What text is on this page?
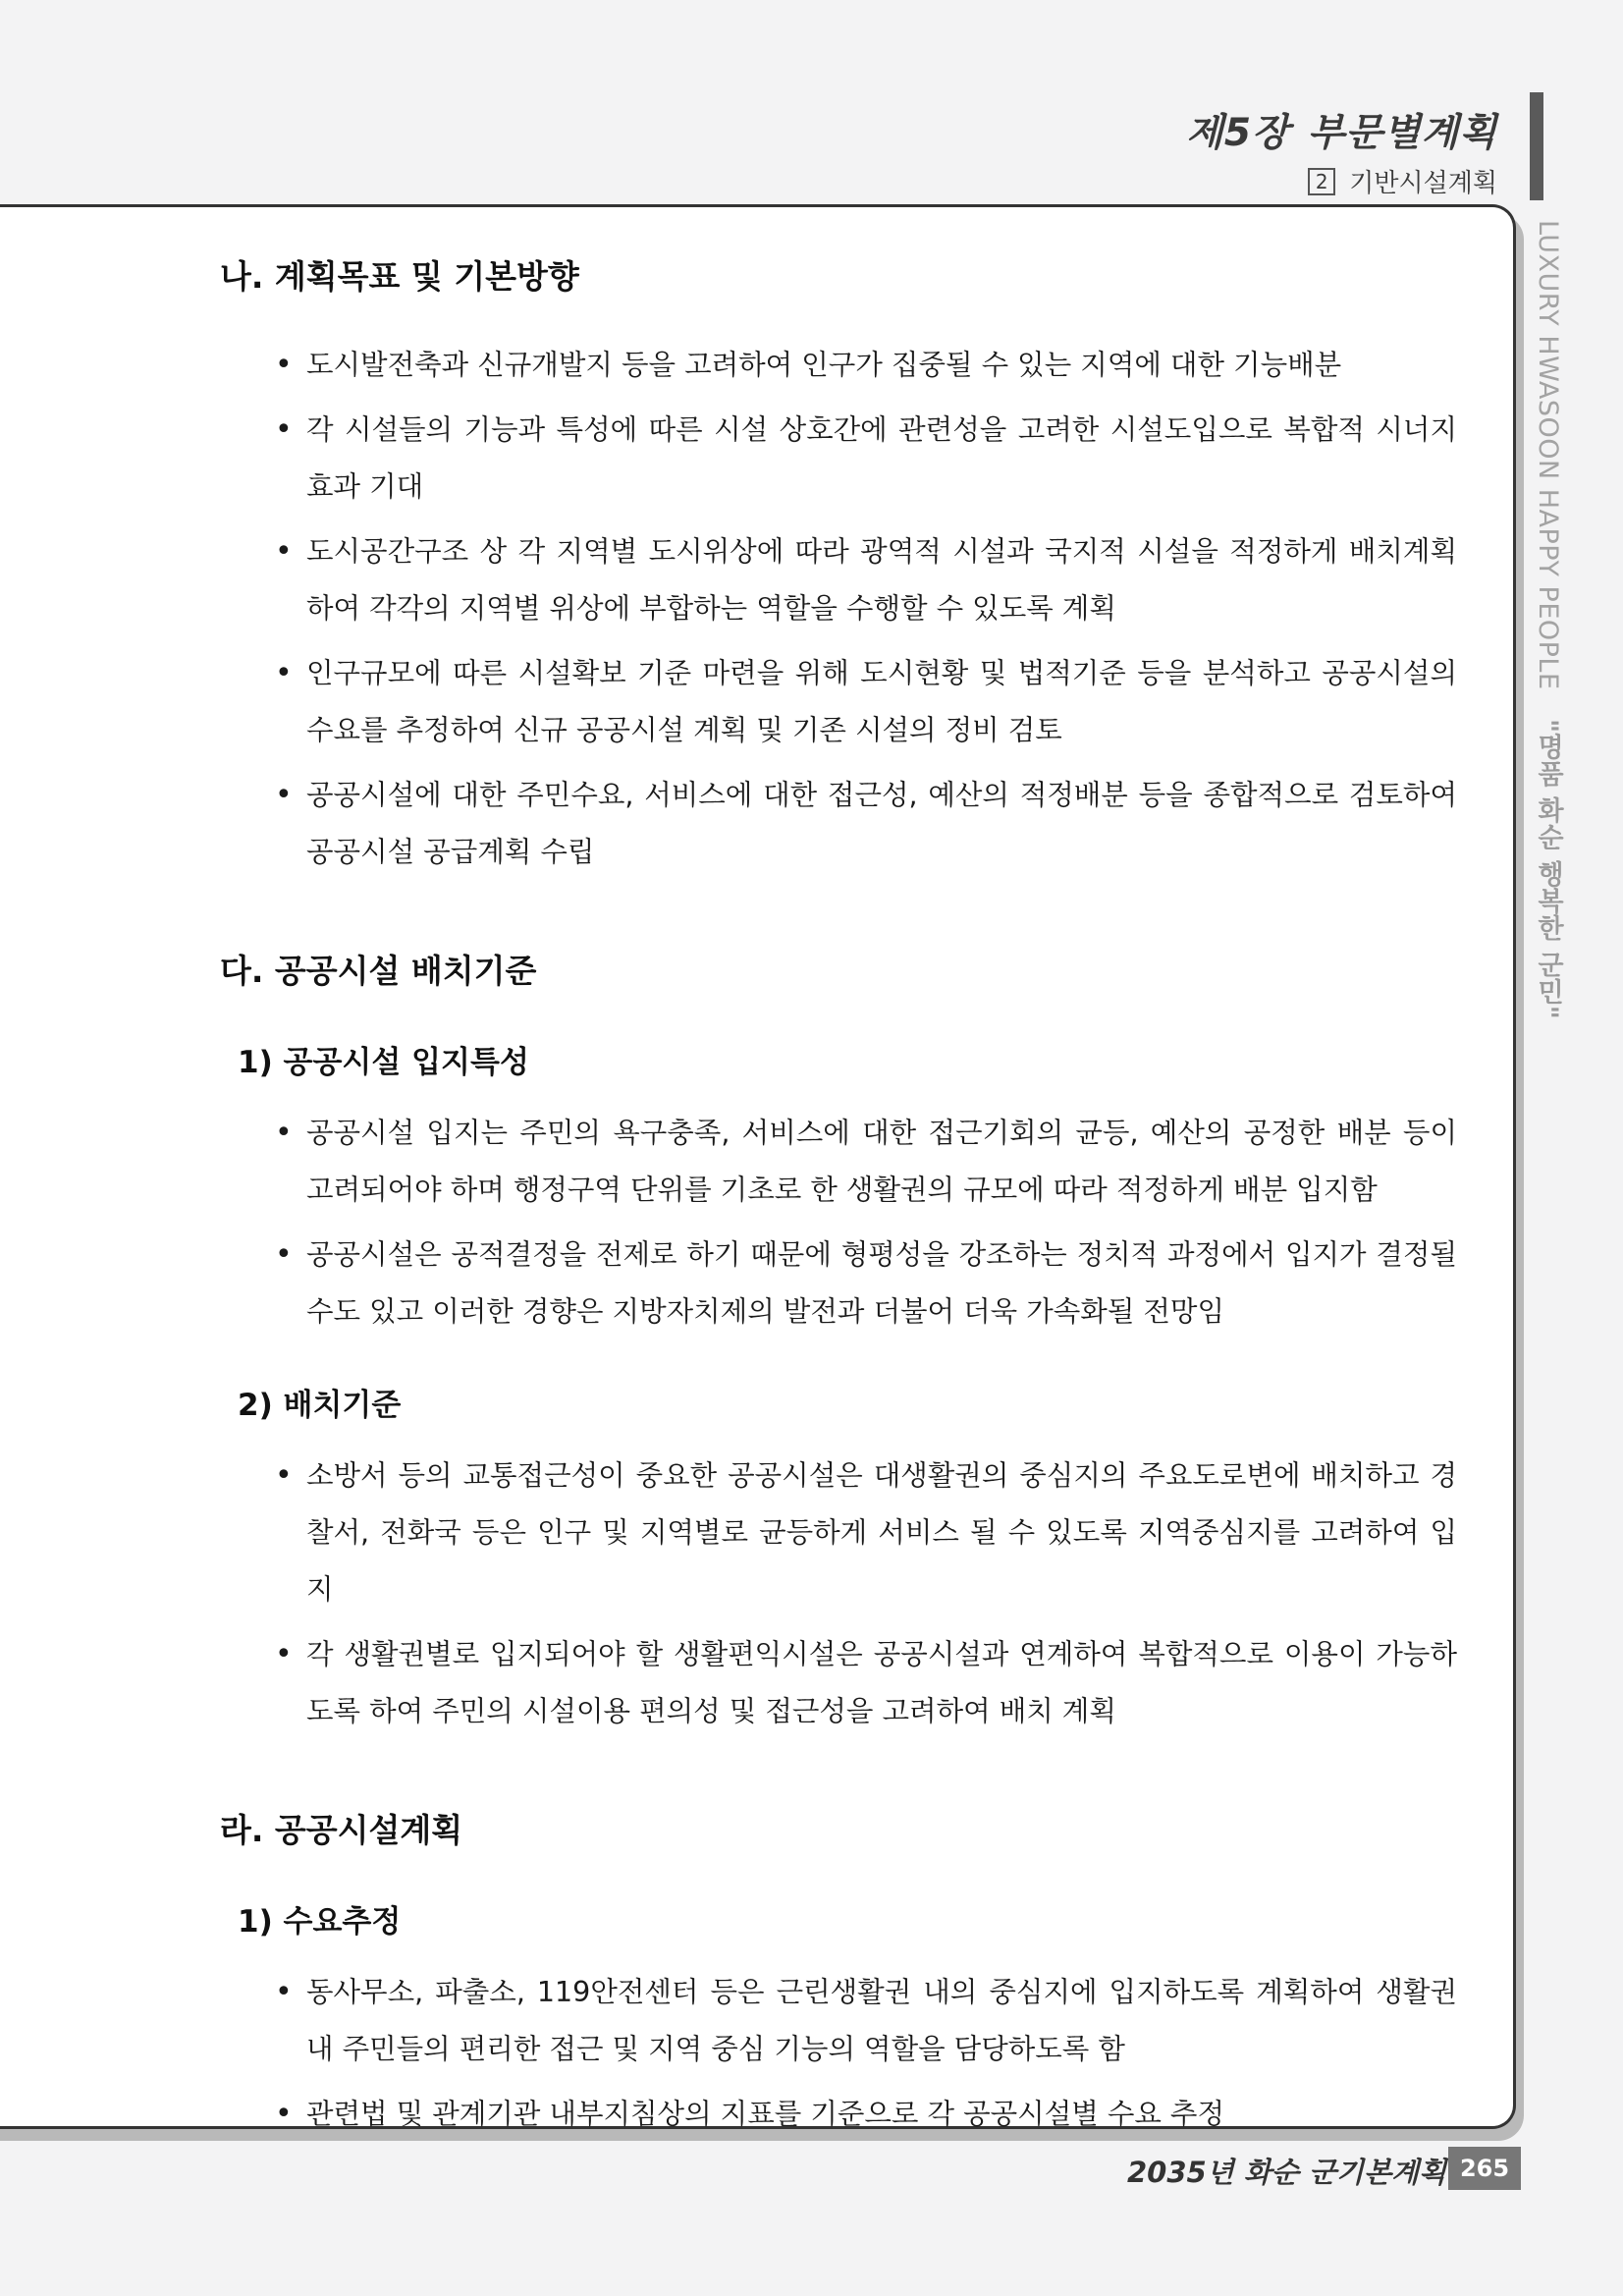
제5장 부문별계획
2 기반시설계획
LUXURY HWASOON HAPPY PEOPLE "명품 화순 행복한 군민"
나. 계획목표 및 기본방향
• 도시발전축과 신규개발지 등을 고려하여 인구가 집중될 수 있는 지역에 대한 기능배분
• 각 시설들의 기능과 특성에 따른 시설 상호간에 관련성을 고려한 시설도입으로 복합적 시너지 효과 기대
• 도시공간구조 상 각 지역별 도시위상에 따라 광역적 시설과 국지적 시설을 적정하게 배치계획하여 각각의 지역별 위상에 부합하는 역할을 수행할 수 있도록 계획
• 인구규모에 따른 시설확보 기준 마련을 위해 도시현황 및 법적기준 등을 분석하고 공공시설의 수요를 추정하여 신규 공공시설 계획 및 기존 시설의 정비 검토
• 공공시설에 대한 주민수요, 서비스에 대한 접근성, 예산의 적정배분 등을 종합적으로 검토하여 공공시설 공급계획 수립
다. 공공시설 배치기준
1) 공공시설 입지특성
• 공공시설 입지는 주민의 욕구충족, 서비스에 대한 접근기회의 균등, 예산의 공정한 배분 등이 고려되어야 하며 행정구역 단위를 기초로 한 생활권의 규모에 따라 적정하게 배분 입지함
• 공공시설은 공적결정을 전제로 하기 때문에 형평성을 강조하는 정치적 과정에서 입지가 결정될 수도 있고 이러한 경향은 지방자치제의 발전과 더불어 더욱 가속화될 전망임
2) 배치기준
• 소방서 등의 교통접근성이 중요한 공공시설은 대생활권의 중심지의 주요도로변에 배치하고 경찰서, 전화국 등은 인구 및 지역별로 균등하게 서비스 될 수 있도록 지역중심지를 고려하여 입지
• 각 생활권별로 입지되어야 할 생활편익시설은 공공시설과 연계하여 복합적으로 이용이 가능하도록 하여 주민의 시설이용 편의성 및 접근성을 고려하여 배치 계획
라. 공공시설계획
1) 수요추정
• 동사무소, 파출소, 119안전센터 등은 근린생활권 내의 중심지에 입지하도록 계획하여 생활권 내 주민들의 편리한 접근 및 지역 중심 기능의 역할을 담당하도록 함
• 관련법 및 관계기관 내부지침상의 지표를 기준으로 각 공공시설별 수요 추정
2035년 화순 군기본계획 265
